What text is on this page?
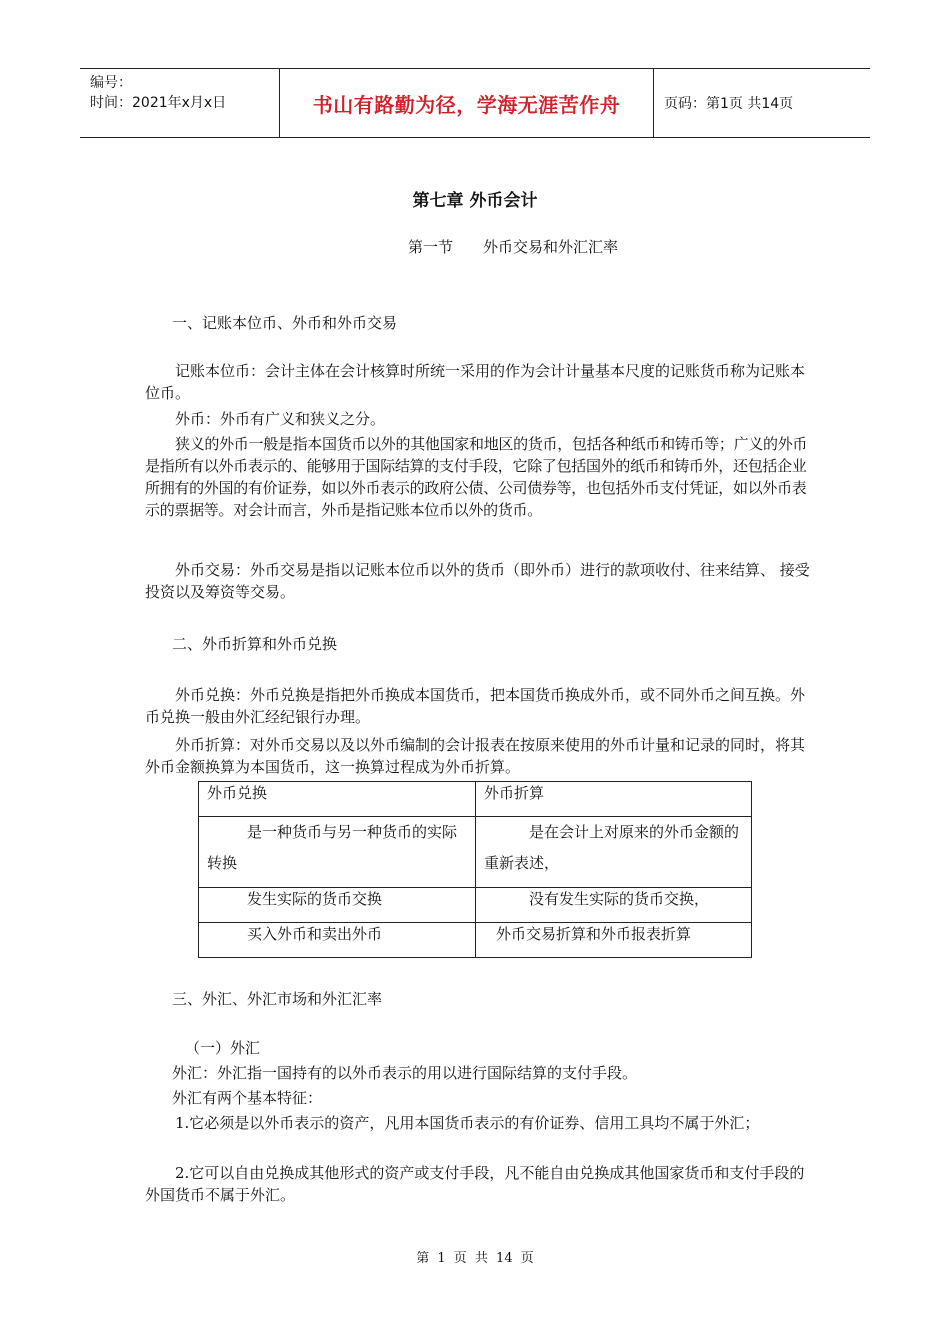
编号：
时间：2021年x月x日	书山有路勤为径，学海无涯苦作舟	页码：第1页 共14页
第七章 外币会计
第一节 外币交易和外汇汇率
一、记账本位币、外币和外币交易
记账本位币：会计主体在会计核算时所统一采用的作为会计计量基本尺度的记账货币称为记账本位币。
外币：外币有广义和狭义之分。
狭义的外币一般是指本国货币以外的其他国家和地区的货币，包括各种纸币和铸币等；广义的外币是指所有以外币表示的、能够用于国际结算的支付手段，它除了包括国外的纸币和铸币外，还包括企业所拥有的外国的有价证券，如以外币表示的政府公债、公司债券等，也包括外币支付凭证，如以外币表示的票据等。对会计而言，外币是指记账本位币以外的货币。
外币交易：外币交易是指以记账本位币以外的货币（即外币）进行的款项收付、往来结算、 接受投资以及筹资等交易。
二、外币折算和外币兑换
外币兑换：外币兑换是指把外币换成本国货币，把本国货币换成外币，或不同外币之间互换。外币兑换一般由外汇经纪银行办理。
外币折算：对外币交易以及以外币编制的会计报表在按原来使用的外币计量和记录的同时，将其外币金额换算为本国货币，这一换算过程成为外币折算。
外币兑换	外币折算
是一种货币与另一种货币的实际转换	是在会计上对原来的外币金额的重新表述，
发生实际的货币交换	没有发生实际的货币交换，
买入外币和卖出外币	外币交易折算和外币报表折算
三、外汇、外汇市场和外汇汇率
（一）外汇
外汇：外汇指一国持有的以外币表示的用以进行国际结算的支付手段。
外汇有两个基本特征：
1.它必须是以外币表示的资产，凡用本国货币表示的有价证券、信用工具均不属于外汇；
2.它可以自由兑换成其他形式的资产或支付手段，凡不能自由兑换成其他国家货币和支付手段的外国货币不属于外汇。
第 1 页 共 14 页
